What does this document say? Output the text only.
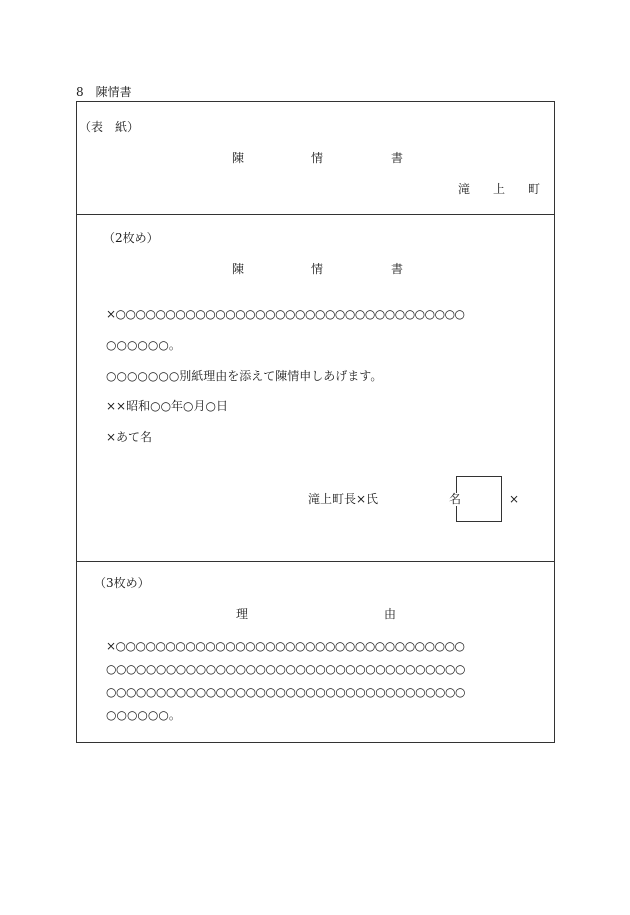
8　陳情書
（表　紙）
陳	情	書
滝 上 町
（2枚め）
陳	情	書
×○○○○○○○○○○○○○○○○○○○○○○○○○○○○○○○○○○○
○○○○○○。
○○○○○○○別紙理由を添えて陳情申しあげます。
××昭和○○年○月○日
×あて名
滝上町長×氏	名	×
（3枚め）
理	由
×○○○○○○○○○○○○○○○○○○○○○○○○○○○○○○○○○○○
○○○○○○○○○○○○○○○○○○○○○○○○○○○○○○○○○○○○
○○○○○○○○○○○○○○○○○○○○○○○○○○○○○○○○○○○○
○○○○○○。
